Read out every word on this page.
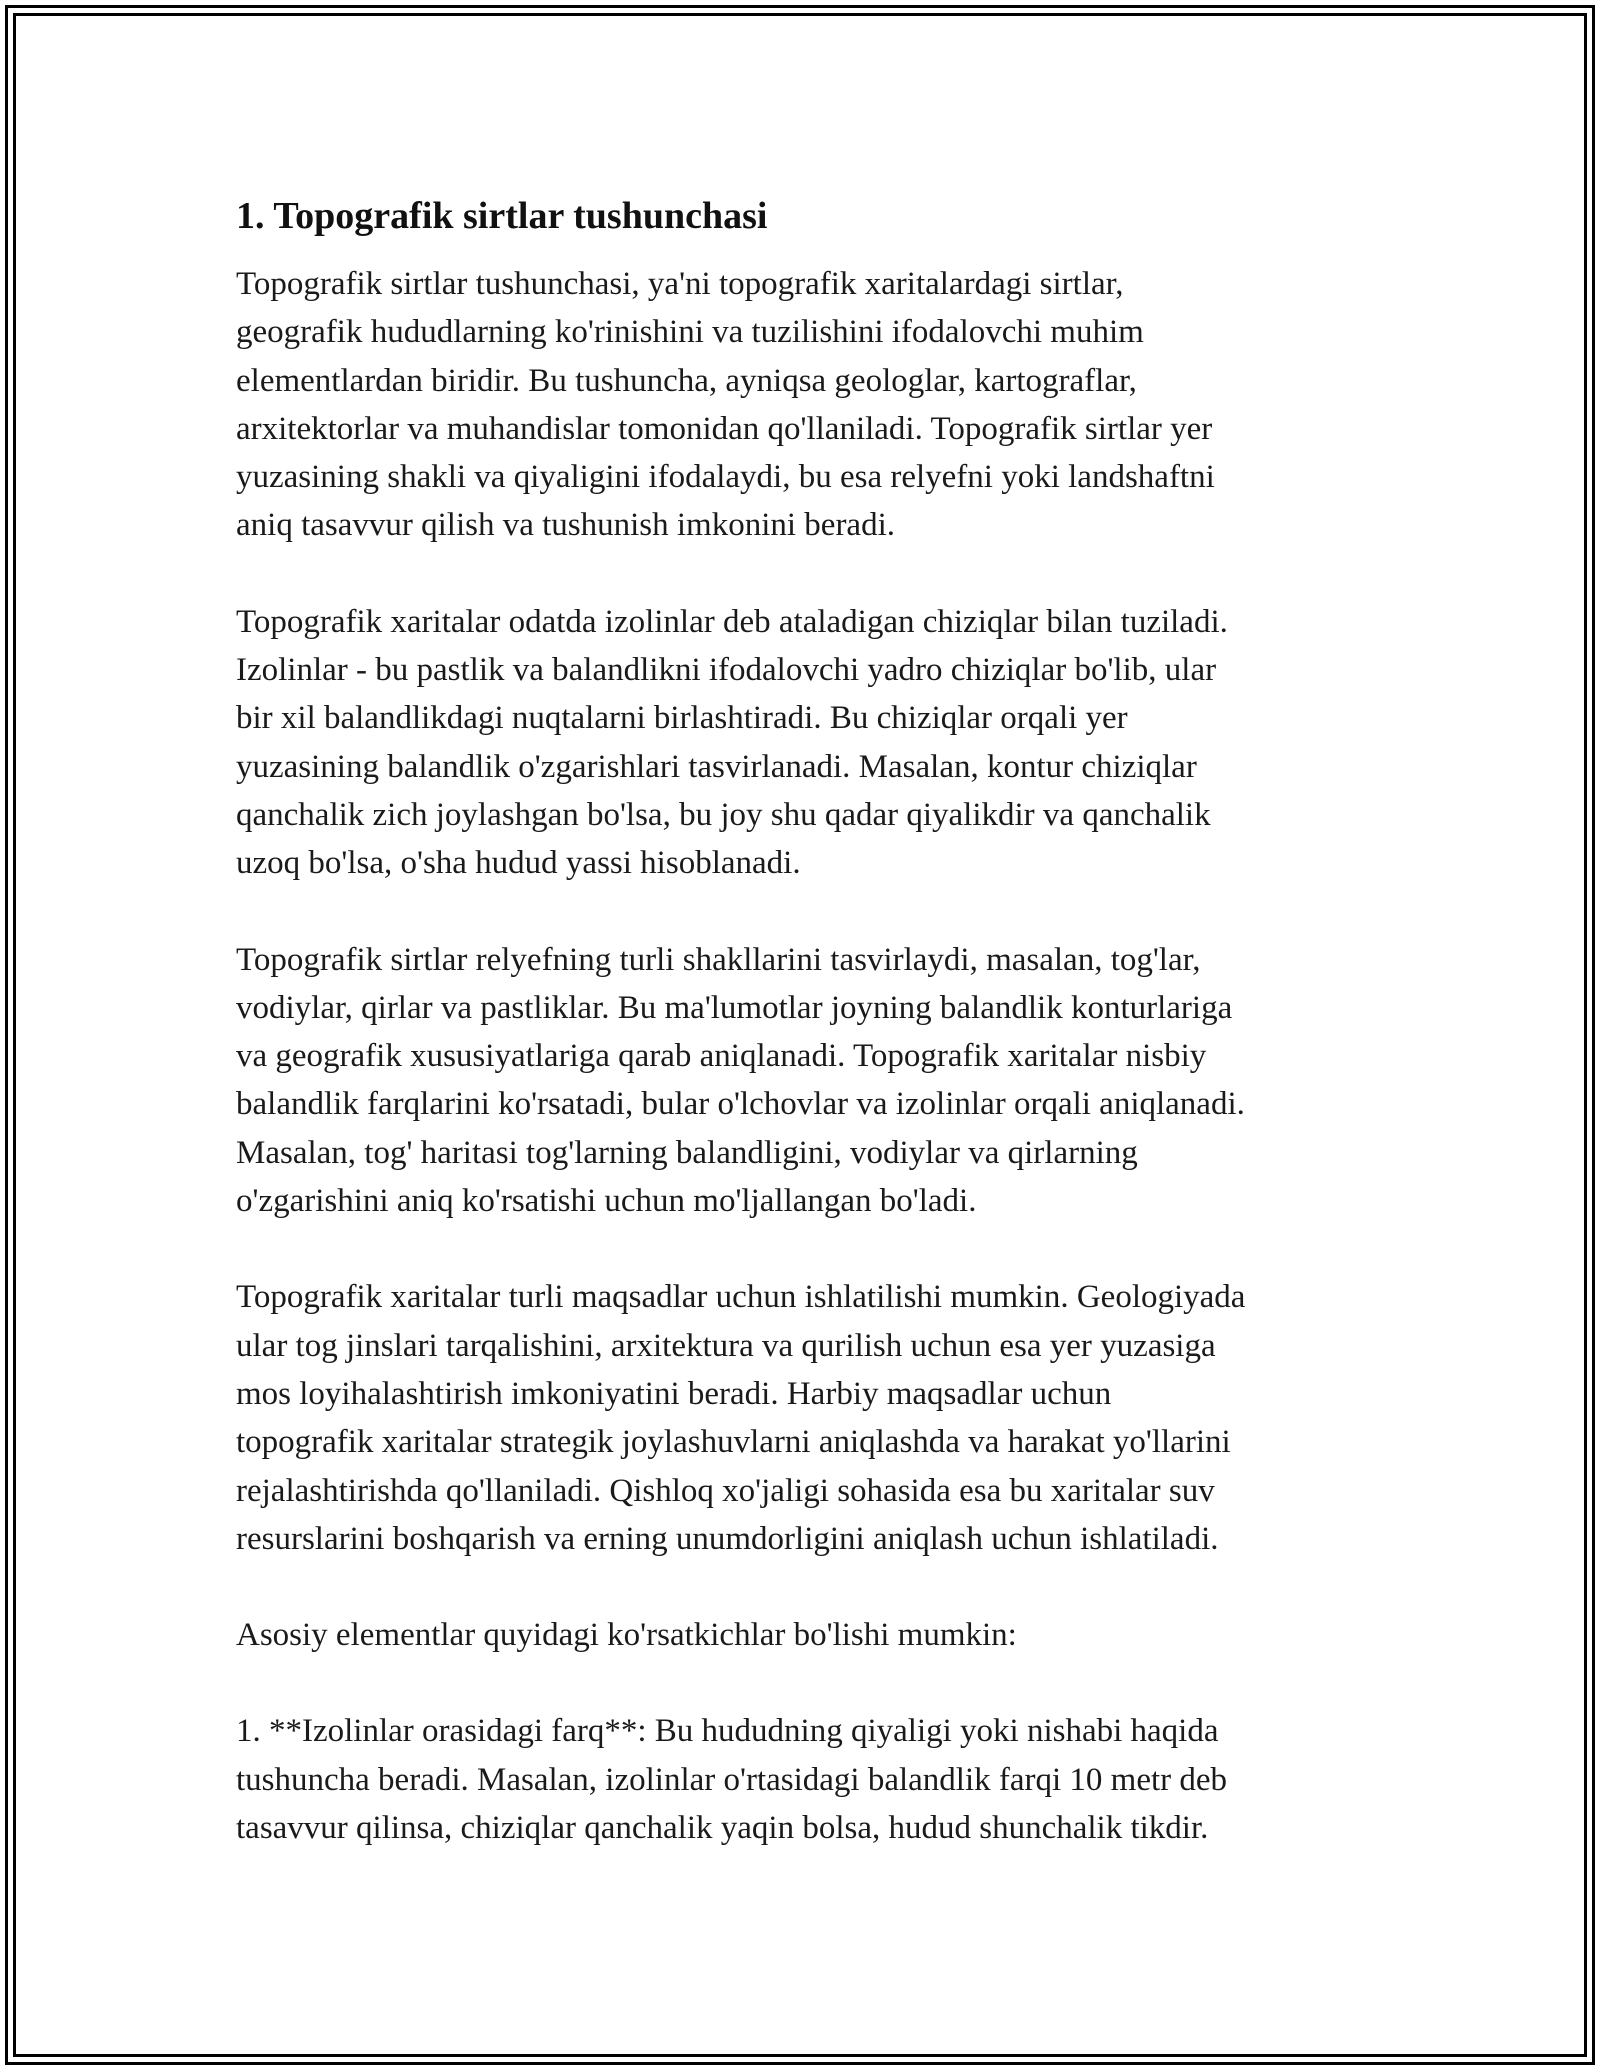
1. Topografik sirtlar tushunchasi

Topografik sirtlar tushunchasi, ya'ni topografik xaritalardagi sirtlar,
geografik hududlarning ko'rinishini va tuzilishini ifodalovchi muhim
elementlardan biridir. Bu tushuncha, ayniqsa geologlar, kartograflar,
arxitektorlar va muhandislar tomonidan qo'llaniladi. Topografik sirtlar yer
yuzasining shakli va qiyaligini ifodalaydi, bu esa relyefni yoki landshaftni
aniq tasavvur qilish va tushunish imkonini beradi.

Topografik xaritalar odatda izolinlar deb ataladigan chiziqlar bilan tuziladi.
Izolinlar - bu pastlik va balandlikni ifodalovchi yadro chiziqlar bo'lib, ular
bir xil balandlikdagi nuqtalarni birlashtiradi. Bu chiziqlar orqali yer
yuzasining balandlik o'zgarishlari tasvirlanadi. Masalan, kontur chiziqlar
qanchalik zich joylashgan bo'lsa, bu joy shu qadar qiyalikdir va qanchalik
uzoq bo'lsa, o'sha hudud yassi hisoblanadi.

Topografik sirtlar relyefning turli shakllarini tasvirlaydi, masalan, tog'lar,
vodiylar, qirlar va pastliklar. Bu ma'lumotlar joyning balandlik konturlariga
va geografik xususiyatlariga qarab aniqlanadi. Topografik xaritalar nisbiy
balandlik farqlarini ko'rsatadi, bular o'lchovlar va izolinlar orqali aniqlanadi.
Masalan, tog' haritasi tog'larning balandligini, vodiylar va qirlarning
o'zgarishini aniq ko'rsatishi uchun mo'ljallangan bo'ladi.

Topografik xaritalar turli maqsadlar uchun ishlatilishi mumkin. Geologiyada
ular tog jinslari tarqalishini, arxitektura va qurilish uchun esa yer yuzasiga
mos loyihalashtirish imkoniyatini beradi. Harbiy maqsadlar uchun
topografik xaritalar strategik joylashuvlarni aniqlashda va harakat yo'llarini
rejalashtirishda qo'llaniladi. Qishloq xo'jaligi sohasida esa bu xaritalar suv
resurslarini boshqarish va erning unumdorligini aniqlash uchun ishlatiladi.

Asosiy elementlar quyidagi ko'rsatkichlar bo'lishi mumkin:

1. **Izolinlar orasidagi farq**: Bu hududning qiyaligi yoki nishabi haqida
tushuncha beradi. Masalan, izolinlar o'rtasidagi balandlik farqi 10 metr deb
tasavvur qilinsa, chiziqlar qanchalik yaqin bolsa, hudud shunchalik tikdir.
